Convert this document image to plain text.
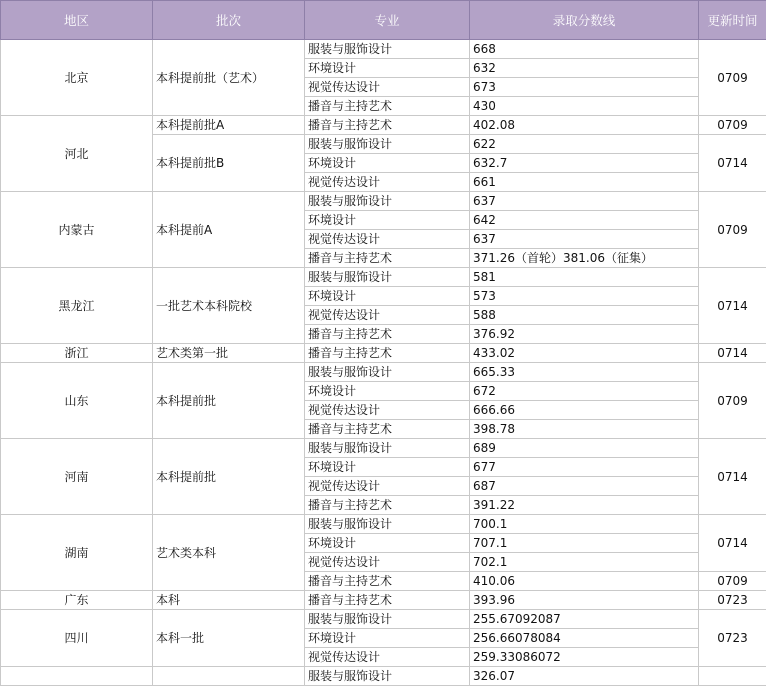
地区	批次	专业	录取分数线	更新时间
北京	本科提前批（艺术）	服装与服饰设计	668	0709
		环境设计	632	
		视觉传达设计	673	
		播音与主持艺术	430	
河北	本科提前批A	播音与主持艺术	402.08	0709
	本科提前批B	服装与服饰设计	622	0714
		环境设计	632.7	
		视觉传达设计	661	
内蒙古	本科提前A	服装与服饰设计	637	0709
		环境设计	642	
		视觉传达设计	637	
		播音与主持艺术	371.26（首轮）381.06（征集）	
黑龙江	一批艺术本科院校	服装与服饰设计	581	0714
		环境设计	573	
		视觉传达设计	588	
		播音与主持艺术	376.92	
浙江	艺术类第一批	播音与主持艺术	433.02	0714
山东	本科提前批	服装与服饰设计	665.33	0709
		环境设计	672	
		视觉传达设计	666.66	
		播音与主持艺术	398.78	
河南	本科提前批	服装与服饰设计	689	0714
		环境设计	677	
		视觉传达设计	687	
		播音与主持艺术	391.22	
湖南	艺术类本科	服装与服饰设计	700.1	0714
		环境设计	707.1	
		视觉传达设计	702.1	
		播音与主持艺术	410.06	0709
广东	本科	播音与主持艺术	393.96	0723
四川	本科一批	服装与服饰设计	255.67092087	0723
		环境设计	256.66078084	
		视觉传达设计	259.33086072	
		服装与服饰设计	326.07	
